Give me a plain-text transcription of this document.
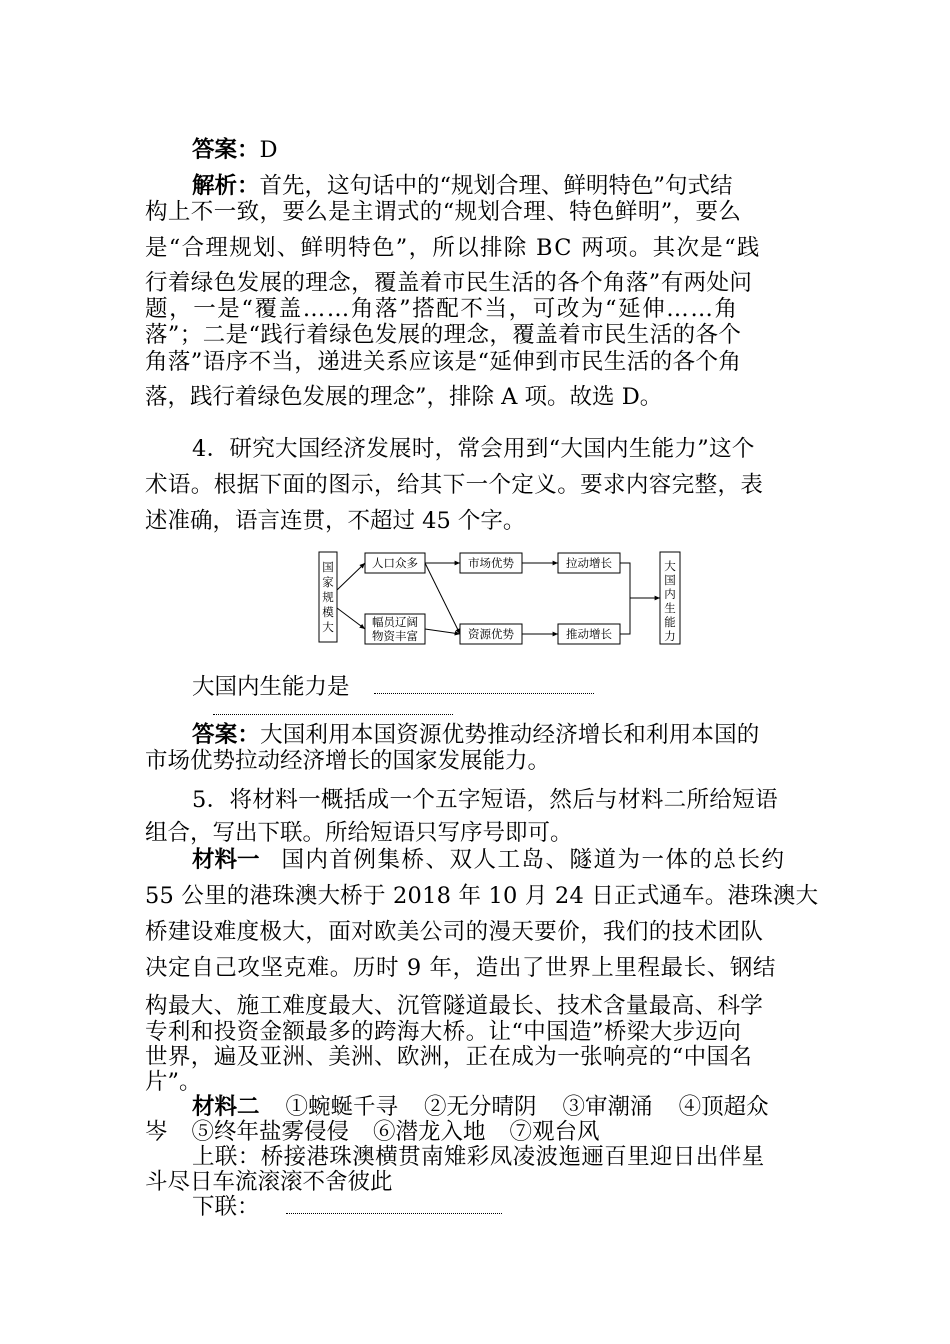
答案：D
解析： 首先，这句话中的“规划合理、鲜明特色”句式结
构上不一致，要么是主谓式的“规划合理、特色鲜明”，要么
是“合理规划、鲜明特色”，所以排除 BC 两项。其次是“践
行着绿色发展的理念，覆盖着市民生活的各个角落”有两处问
题，一是“覆盖……角落”搭配不当，可改为“延伸……角
落”；二是“践行着绿色发展的理念，覆盖着市民生活的各个
角落”语序不当，递进关系应该是“延伸到市民生活的各个角
落，践行着绿色发展的理念”，排除 A 项。故选 D。
4．研究大国经济发展时，常会用到“大国内生能力”这个
术语。根据下面的图示，给其下一个定义。要求内容完整，表
述准确，语言连贯，不超过 45 个字。
国家规模大
人口众多	市场优势	拉动增长
幅员辽阔
物资丰富	资源优势	推动增长
大国内生能力
大国内生能力是
答案：大国利用本国资源优势推动经济增长和利用本国的
市场优势拉动经济增长的国家发展能力。
5．将材料一概括成一个五字短语，然后与材料二所给短语
组合，写出下联。所给短语只写序号即可。
材料一 国内首例集桥、双人工岛、隧道为一体的总长约
55 公里的港珠澳大桥于 2018 年 10 月 24 日正式通车。港珠澳大
桥建设难度极大，面对欧美公司的漫天要价，我们的技术团队
决定自己攻坚克难。历时 9 年，造出了世界上里程最长、钢结
构最大、施工难度最大、沉管隧道最长、技术含量最高、科学
专利和投资金额最多的跨海大桥。让“中国造”桥梁大步迈向
世界，遍及亚洲、美洲、欧洲，正在成为一张响亮的“中国名
片”。
材料二 ①蜿蜒千寻 ②无分晴阴 ③审潮涌 ④顶超众
岑 ⑤终年盐雾侵侵 ⑥潜龙入地 ⑦观台风
上联：桥接港珠澳横贯南雉彩凤凌波迤逦百里迎日出伴星
斗尽日车流滚滚不舍彼此
下联：
